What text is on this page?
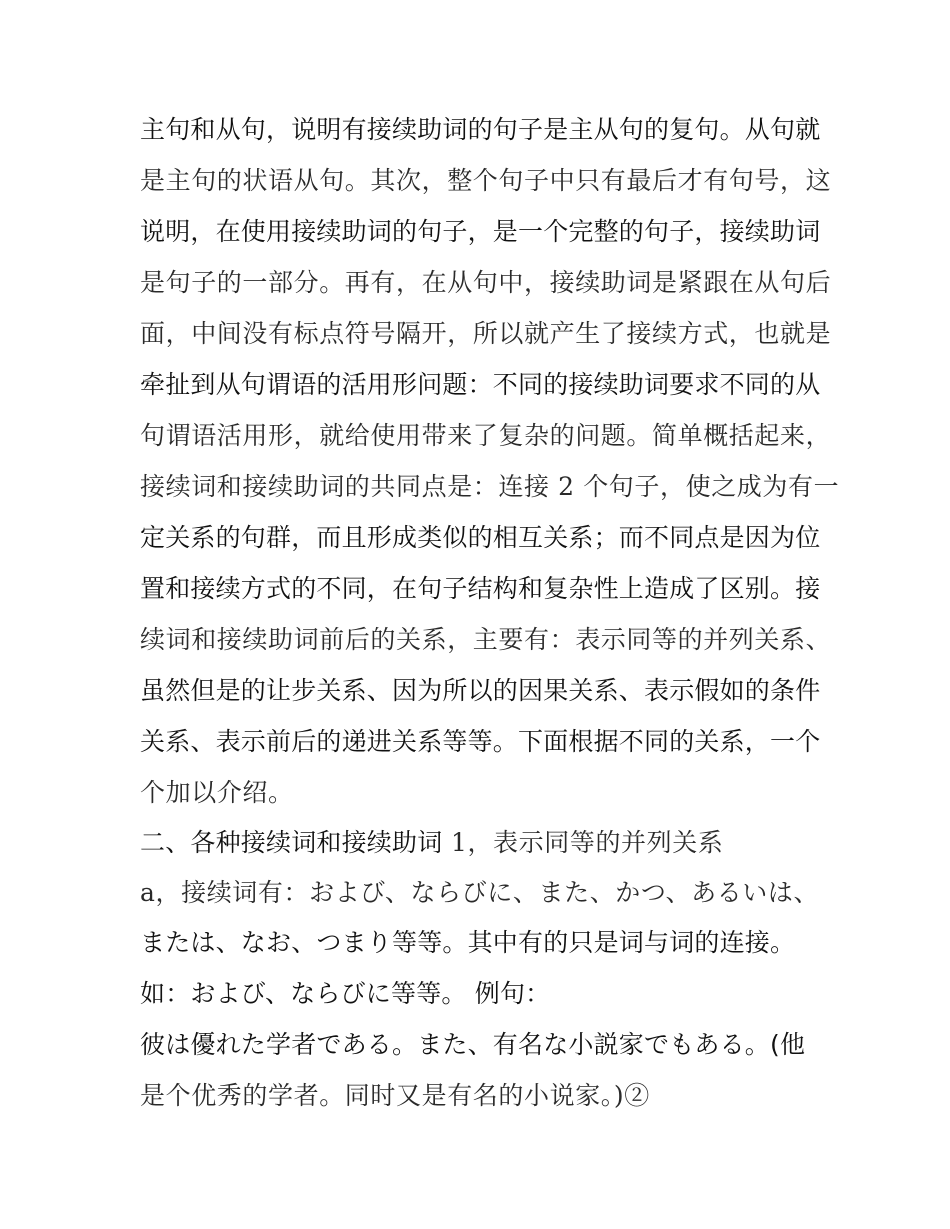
主句和从句，说明有接续助词的句子是主从句的复句。从句就
是主句的状语从句。其次，整个句子中只有最后才有句号，这
说明，在使用接续助词的句子，是一个完整的句子，接续助词
是句子的一部分。再有，在从句中，接续助词是紧跟在从句后
面，中间没有标点符号隔开，所以就产生了接续方式，也就是
牵扯到从句谓语的活用形问题：不同的接续助词要求不同的从
句谓语活用形，就给使用带来了复杂的问题。简单概括起来，
接续词和接续助词的共同点是：连接 2 个句子，使之成为有一
定关系的句群，而且形成类似的相互关系；而不同点是因为位
置和接续方式的不同，在句子结构和复杂性上造成了区别。接
续词和接续助词前后的关系，主要有：表示同等的并列关系、
虽然但是的让步关系、因为所以的因果关系、表示假如的条件
关系、表示前后的递进关系等等。下面根据不同的关系，一个
个加以介绍。
二、各种接续词和接续助词 1，表示同等的并列关系
a，接续词有：および、ならびに、また、かつ、あるいは、
または、なお、つまり等等。其中有的只是词与词的连接。
如：および、ならびに等等。 例句：
彼は優れた学者である。また、有名な小説家でもある。(他
是个优秀的学者。同时又是有名的小说家。)②
